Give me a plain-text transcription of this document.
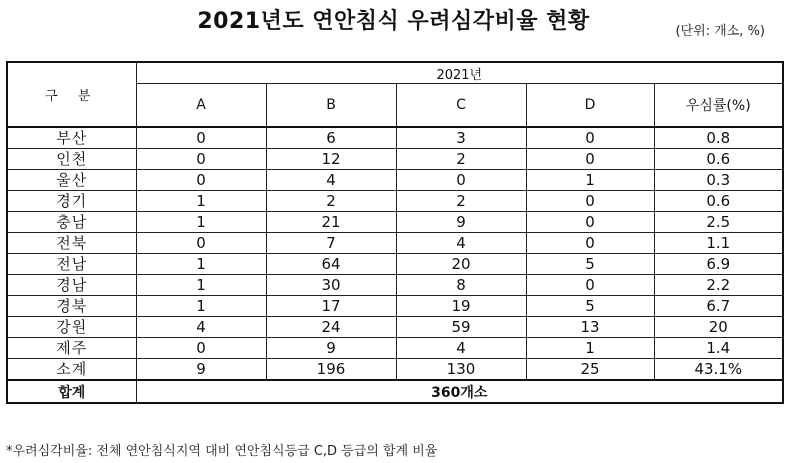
2021년도 연안침식 우려심각비율 현황	(단위: 개소, %)
구 분	2021년				
	A	B	C	D	우심률(%)
부산	0	6	3	0	0.8
인천	0	12	2	0	0.6
울산	0	4	0	1	0.3
경기	1	2	2	0	0.6
충남	1	21	9	0	2.5
전북	0	7	4	0	1.1
전남	1	64	20	5	6.9
경남	1	30	8	0	2.2
경북	1	17	19	5	6.7
강원	4	24	59	13	20
제주	0	9	4	1	1.4
소계	9	196	130	25	43.1%
합계	360개소				
*우려심각비율: 전체 연안침식지역 대비 연안침식등급 C,D 등급의 합계 비율
